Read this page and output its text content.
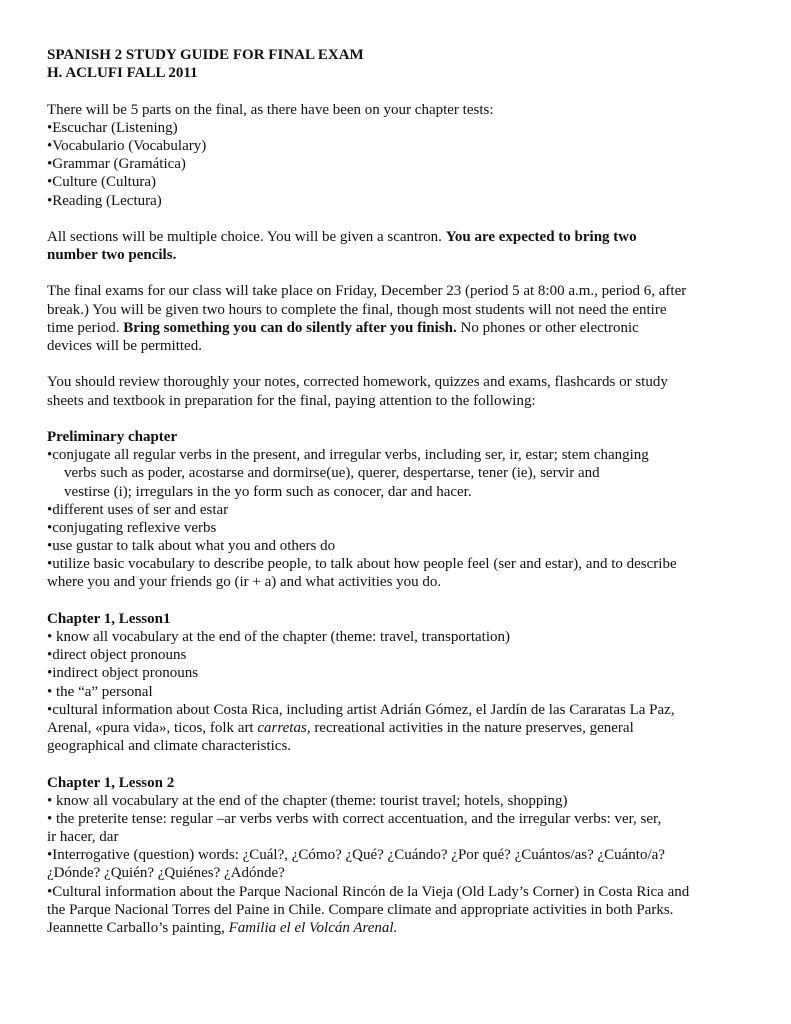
SPANISH 2 STUDY GUIDE FOR FINAL EXAM
H. ACLUFI FALL 2011
There will be 5 parts on the final, as there have been on your chapter tests:
•Escuchar (Listening)
•Vocabulario (Vocabulary)
•Grammar (Gramática)
•Culture (Cultura)
•Reading (Lectura)
All sections will be multiple choice. You will be given a scantron. You are expected to bring two
number two pencils.
The final exams for our class will take place on Friday, December 23 (period 5 at 8:00 a.m., period 6, after
break.) You will be given two hours to complete the final, though most students will not need the entire
time period. Bring something you can do silently after you finish. No phones or other electronic
devices will be permitted.
You should review thoroughly your notes, corrected homework, quizzes and exams, flashcards or study
sheets and textbook in preparation for the final, paying attention to the following:
Preliminary chapter
•conjugate all regular verbs in the present, and irregular verbs, including ser, ir, estar; stem changing
verbs such as poder, acostarse and dormirse(ue), querer, despertarse, tener (ie), servir and
vestirse (i); irregulars in the yo form such as conocer, dar and hacer.
•different uses of ser and estar
•conjugating reflexive verbs
•use gustar to talk about what you and others do
•utilize basic vocabulary to describe people, to talk about how people feel (ser and estar), and to describe
where you and your friends go (ir + a) and what activities you do.
Chapter 1, Lesson1
• know all vocabulary at the end of the chapter (theme: travel, transportation)
•direct object pronouns
•indirect object pronouns
• the “a” personal
•cultural information about Costa Rica, including artist Adrián Gómez, el Jardín de las Cararatas La Paz,
Arenal, «pura vida», ticos, folk art carretas, recreational activities in the nature preserves, general
geographical and climate characteristics.
Chapter 1, Lesson 2
• know all vocabulary at the end of the chapter (theme: tourist travel; hotels, shopping)
• the preterite tense: regular –ar verbs verbs with correct accentuation, and the irregular verbs: ver, ser,
ir hacer, dar
•Interrogative (question) words: ¿Cuál?, ¿Cómo? ¿Qué? ¿Cuándo? ¿Por qué? ¿Cuántos/as? ¿Cuánto/a?
¿Dónde? ¿Quién? ¿Quiénes? ¿Adónde?
•Cultural information about the Parque Nacional Rincón de la Vieja (Old Lady’s Corner) in Costa Rica and
the Parque Nacional Torres del Paine in Chile. Compare climate and appropriate activities in both Parks.
Jeannette Carballo’s painting, Familia el el Volcán Arenal.
